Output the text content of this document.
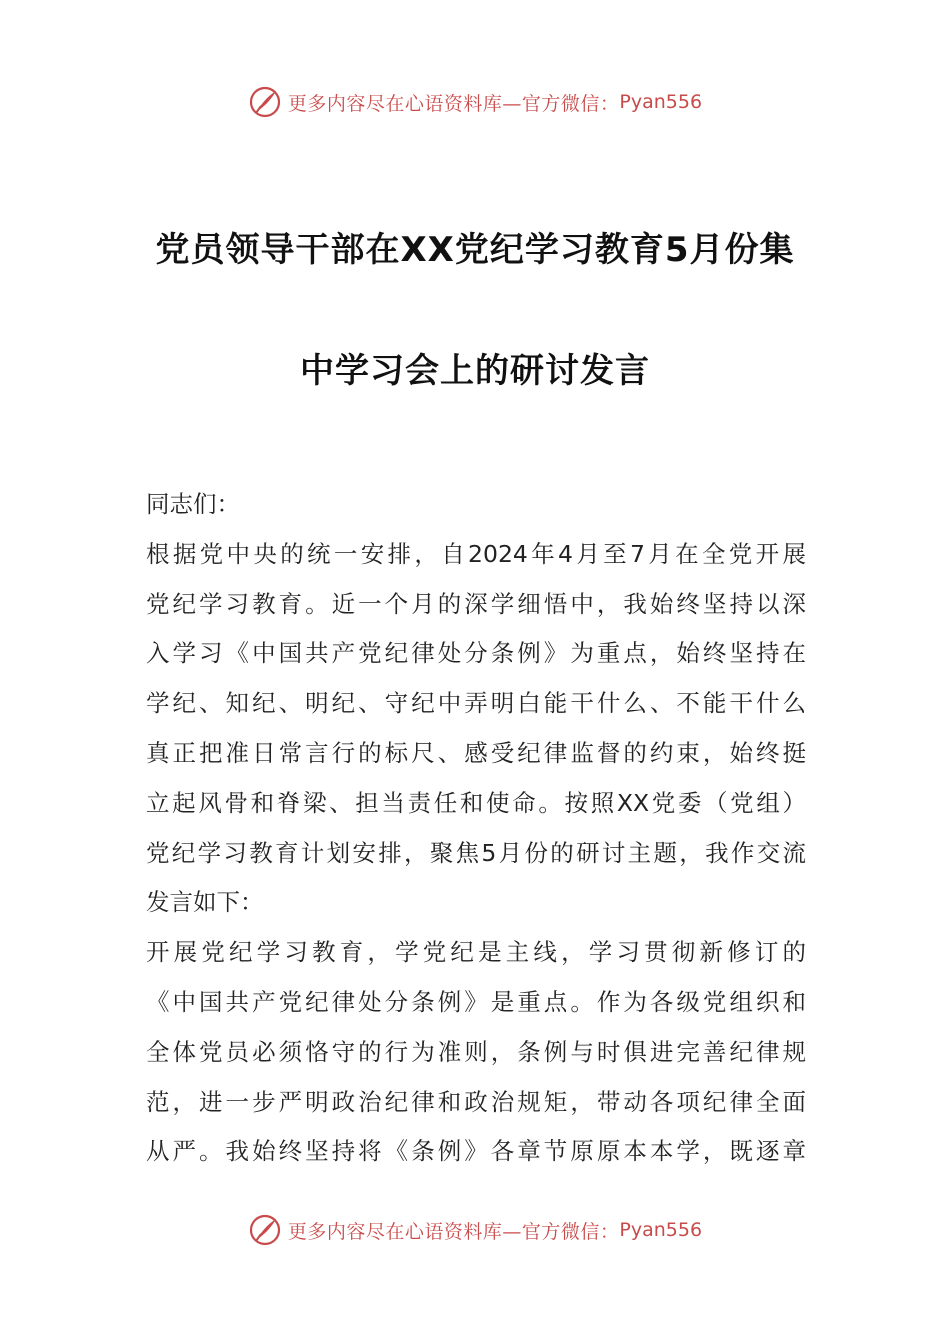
更多内容尽在心语资料库—官方微信： Pyan556
党员领导干部在XX党纪学习教育5月份集
中学习会上的研讨发言
同志们：
根据党中央的统一安排，自2024年4月至7月在全党开展
党纪学习教育。近一个月的深学细悟中，我始终坚持以深
入学习《中国共产党纪律处分条例》为重点，始终坚持在
学纪、知纪、明纪、守纪中弄明白能干什么、不能干什么
真正把准日常言行的标尺、感受纪律监督的约束，始终挺
立起风骨和脊梁、担当责任和使命。按照XX党委（党组）
党纪学习教育计划安排，聚焦5月份的研讨主题，我作交流
发言如下：
开展党纪学习教育，学党纪是主线，学习贯彻新修订的
《中国共产党纪律处分条例》是重点。作为各级党组织和
全体党员必须恪守的行为准则，条例与时俱进完善纪律规
范，进一步严明政治纪律和政治规矩，带动各项纪律全面
从严。我始终坚持将《条例》各章节原原本本学，既逐章
更多内容尽在心语资料库—官方微信： Pyan556
